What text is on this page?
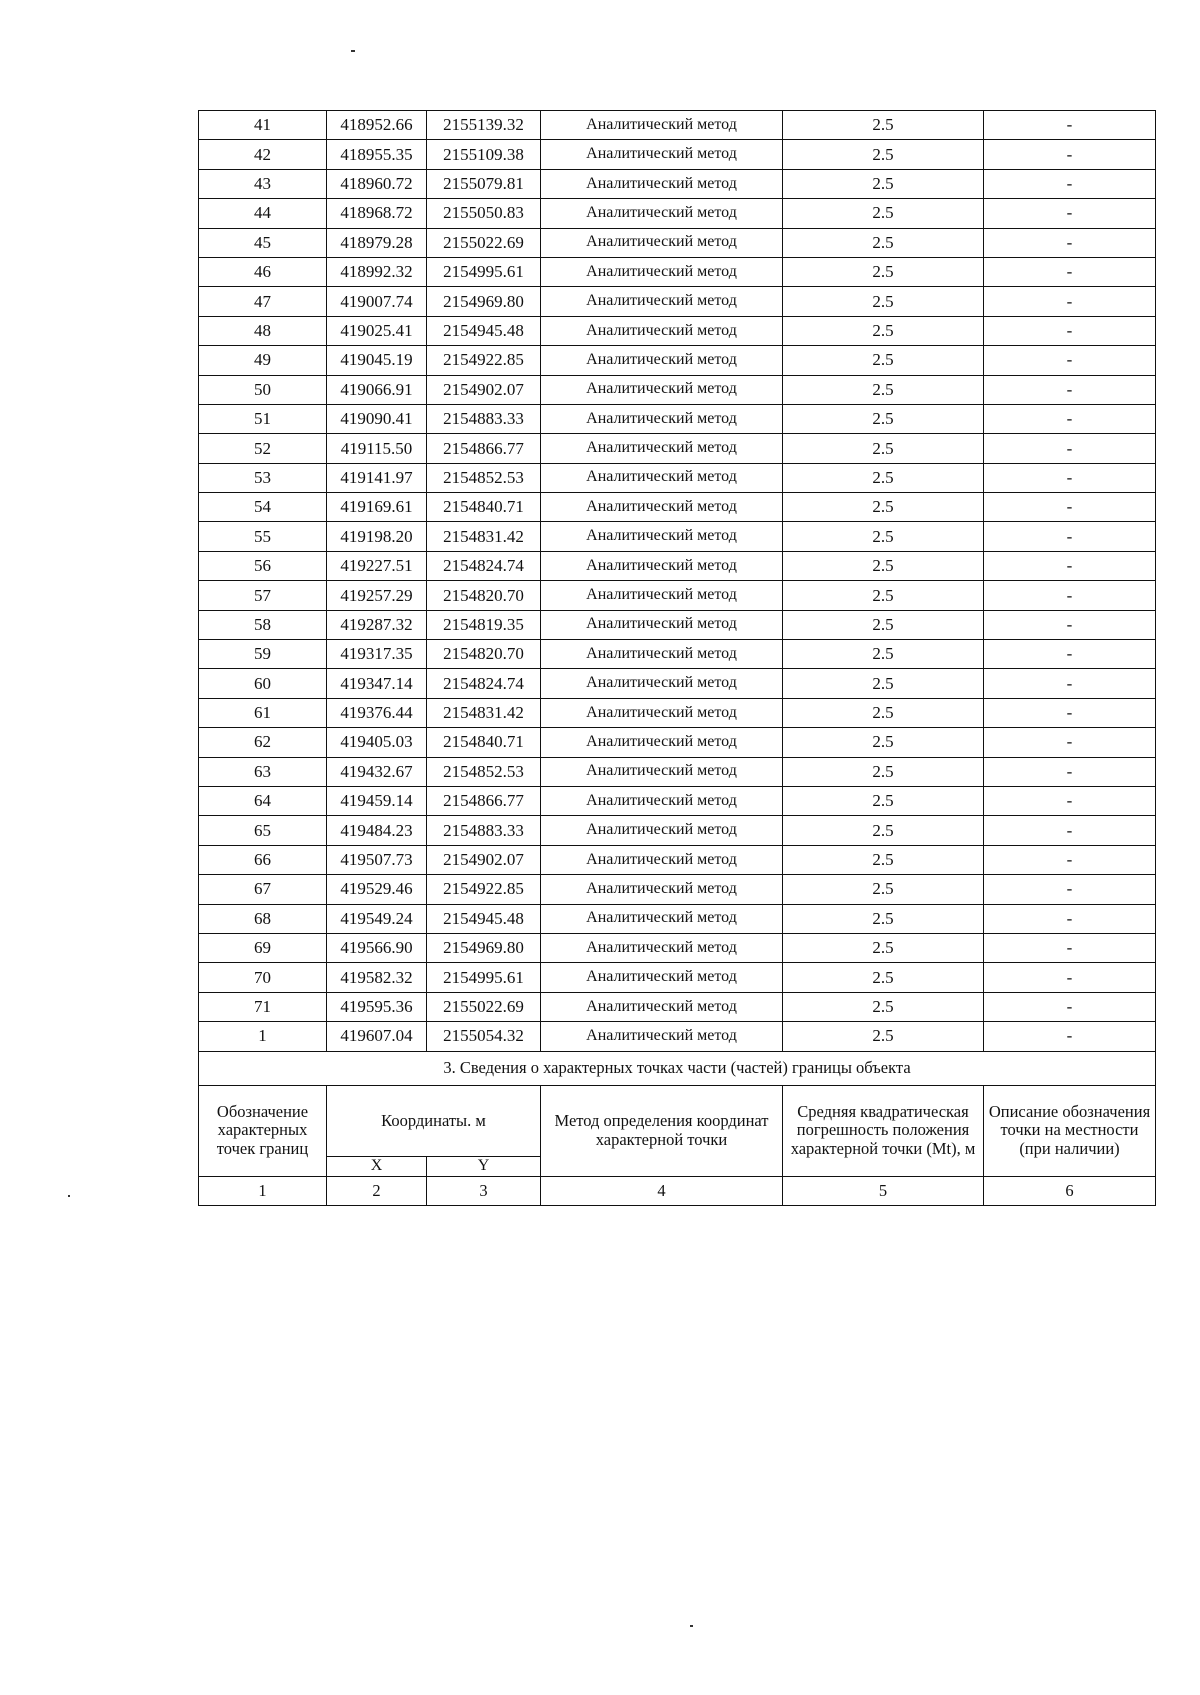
41	418952.66	2155139.32	Аналитический метод	2.5	-
42	418955.35	2155109.38	Аналитический метод	2.5	-
43	418960.72	2155079.81	Аналитический метод	2.5	-
44	418968.72	2155050.83	Аналитический метод	2.5	-
45	418979.28	2155022.69	Аналитический метод	2.5	-
46	418992.32	2154995.61	Аналитический метод	2.5	-
47	419007.74	2154969.80	Аналитический метод	2.5	-
48	419025.41	2154945.48	Аналитический метод	2.5	-
49	419045.19	2154922.85	Аналитический метод	2.5	-
50	419066.91	2154902.07	Аналитический метод	2.5	-
51	419090.41	2154883.33	Аналитический метод	2.5	-
52	419115.50	2154866.77	Аналитический метод	2.5	-
53	419141.97	2154852.53	Аналитический метод	2.5	-
54	419169.61	2154840.71	Аналитический метод	2.5	-
55	419198.20	2154831.42	Аналитический метод	2.5	-
56	419227.51	2154824.74	Аналитический метод	2.5	-
57	419257.29	2154820.70	Аналитический метод	2.5	-
58	419287.32	2154819.35	Аналитический метод	2.5	-
59	419317.35	2154820.70	Аналитический метод	2.5	-
60	419347.14	2154824.74	Аналитический метод	2.5	-
61	419376.44	2154831.42	Аналитический метод	2.5	-
62	419405.03	2154840.71	Аналитический метод	2.5	-
63	419432.67	2154852.53	Аналитический метод	2.5	-
64	419459.14	2154866.77	Аналитический метод	2.5	-
65	419484.23	2154883.33	Аналитический метод	2.5	-
66	419507.73	2154902.07	Аналитический метод	2.5	-
67	419529.46	2154922.85	Аналитический метод	2.5	-
68	419549.24	2154945.48	Аналитический метод	2.5	-
69	419566.90	2154969.80	Аналитический метод	2.5	-
70	419582.32	2154995.61	Аналитический метод	2.5	-
71	419595.36	2155022.69	Аналитический метод	2.5	-
1	419607.04	2155054.32	Аналитический метод	2.5	-
3. Сведения о характерных точках части (частей) границы объекта					
Обозначение характерных точек границ	Координаты. м		Метод определения координат характерной точки	Средняя квадратическая погрешность положения характерной точки (Mt), м	Описание обозначения точки на местности (при наличии)
	X	Y			
1	2	3	4	5	6
